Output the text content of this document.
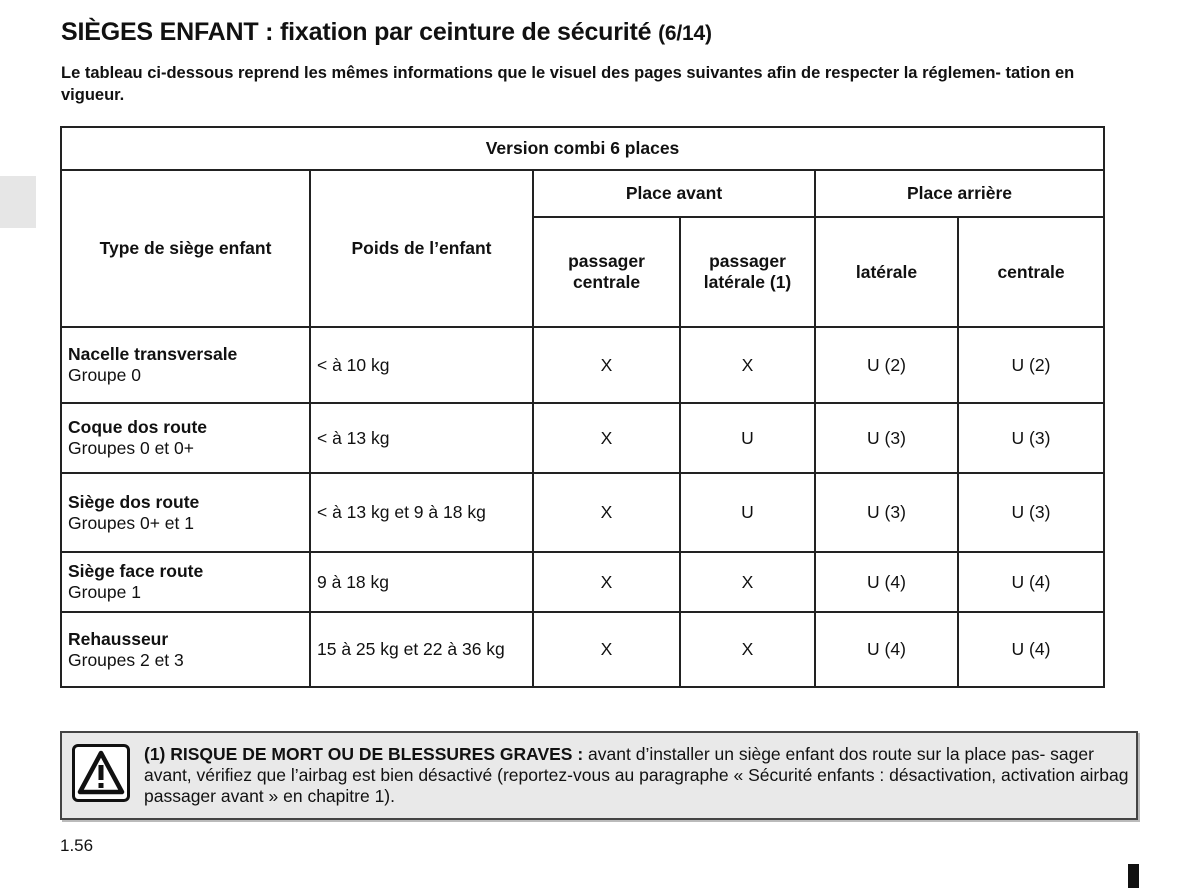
SIÈGES ENFANT : fixation par ceinture de sécurité (6/14)

Le tableau ci-dessous reprend les mêmes informations que le visuel des pages suivantes afin de respecter la réglemen- tation en vigueur.

Version combi 6 places					
Type de siège enfant	Poids de l’enfant	Place avant		Place arrière	
		passager centrale	passager latérale (1)	latérale	centrale

Nacelle transversale
Groupe 0	< à 10 kg	X	X	U (2)	U (2)

Coque dos route
Groupes 0 et 0+	< à 13 kg	X	U	U (3)	U (3)

Siège dos route
Groupes 0+ et 1	< à 13 kg et 9 à 18 kg	X	U	U (3)	U (3)

Siège face route
Groupe 1	9 à 18 kg	X	X	U (4)	U (4)

Rehausseur
Groupes 2 et 3	15 à 25 kg et 22 à 36 kg	X	X	U (4)	U (4)

(1) RISQUE DE MORT OU DE BLESSURES GRAVES : avant d’installer un siège enfant dos route sur la place pas- sager avant, vérifiez que l’airbag est bien désactivé (reportez-vous au paragraphe « Sécurité enfants : désactivation, activation airbag passager avant » en chapitre 1).

1.56
